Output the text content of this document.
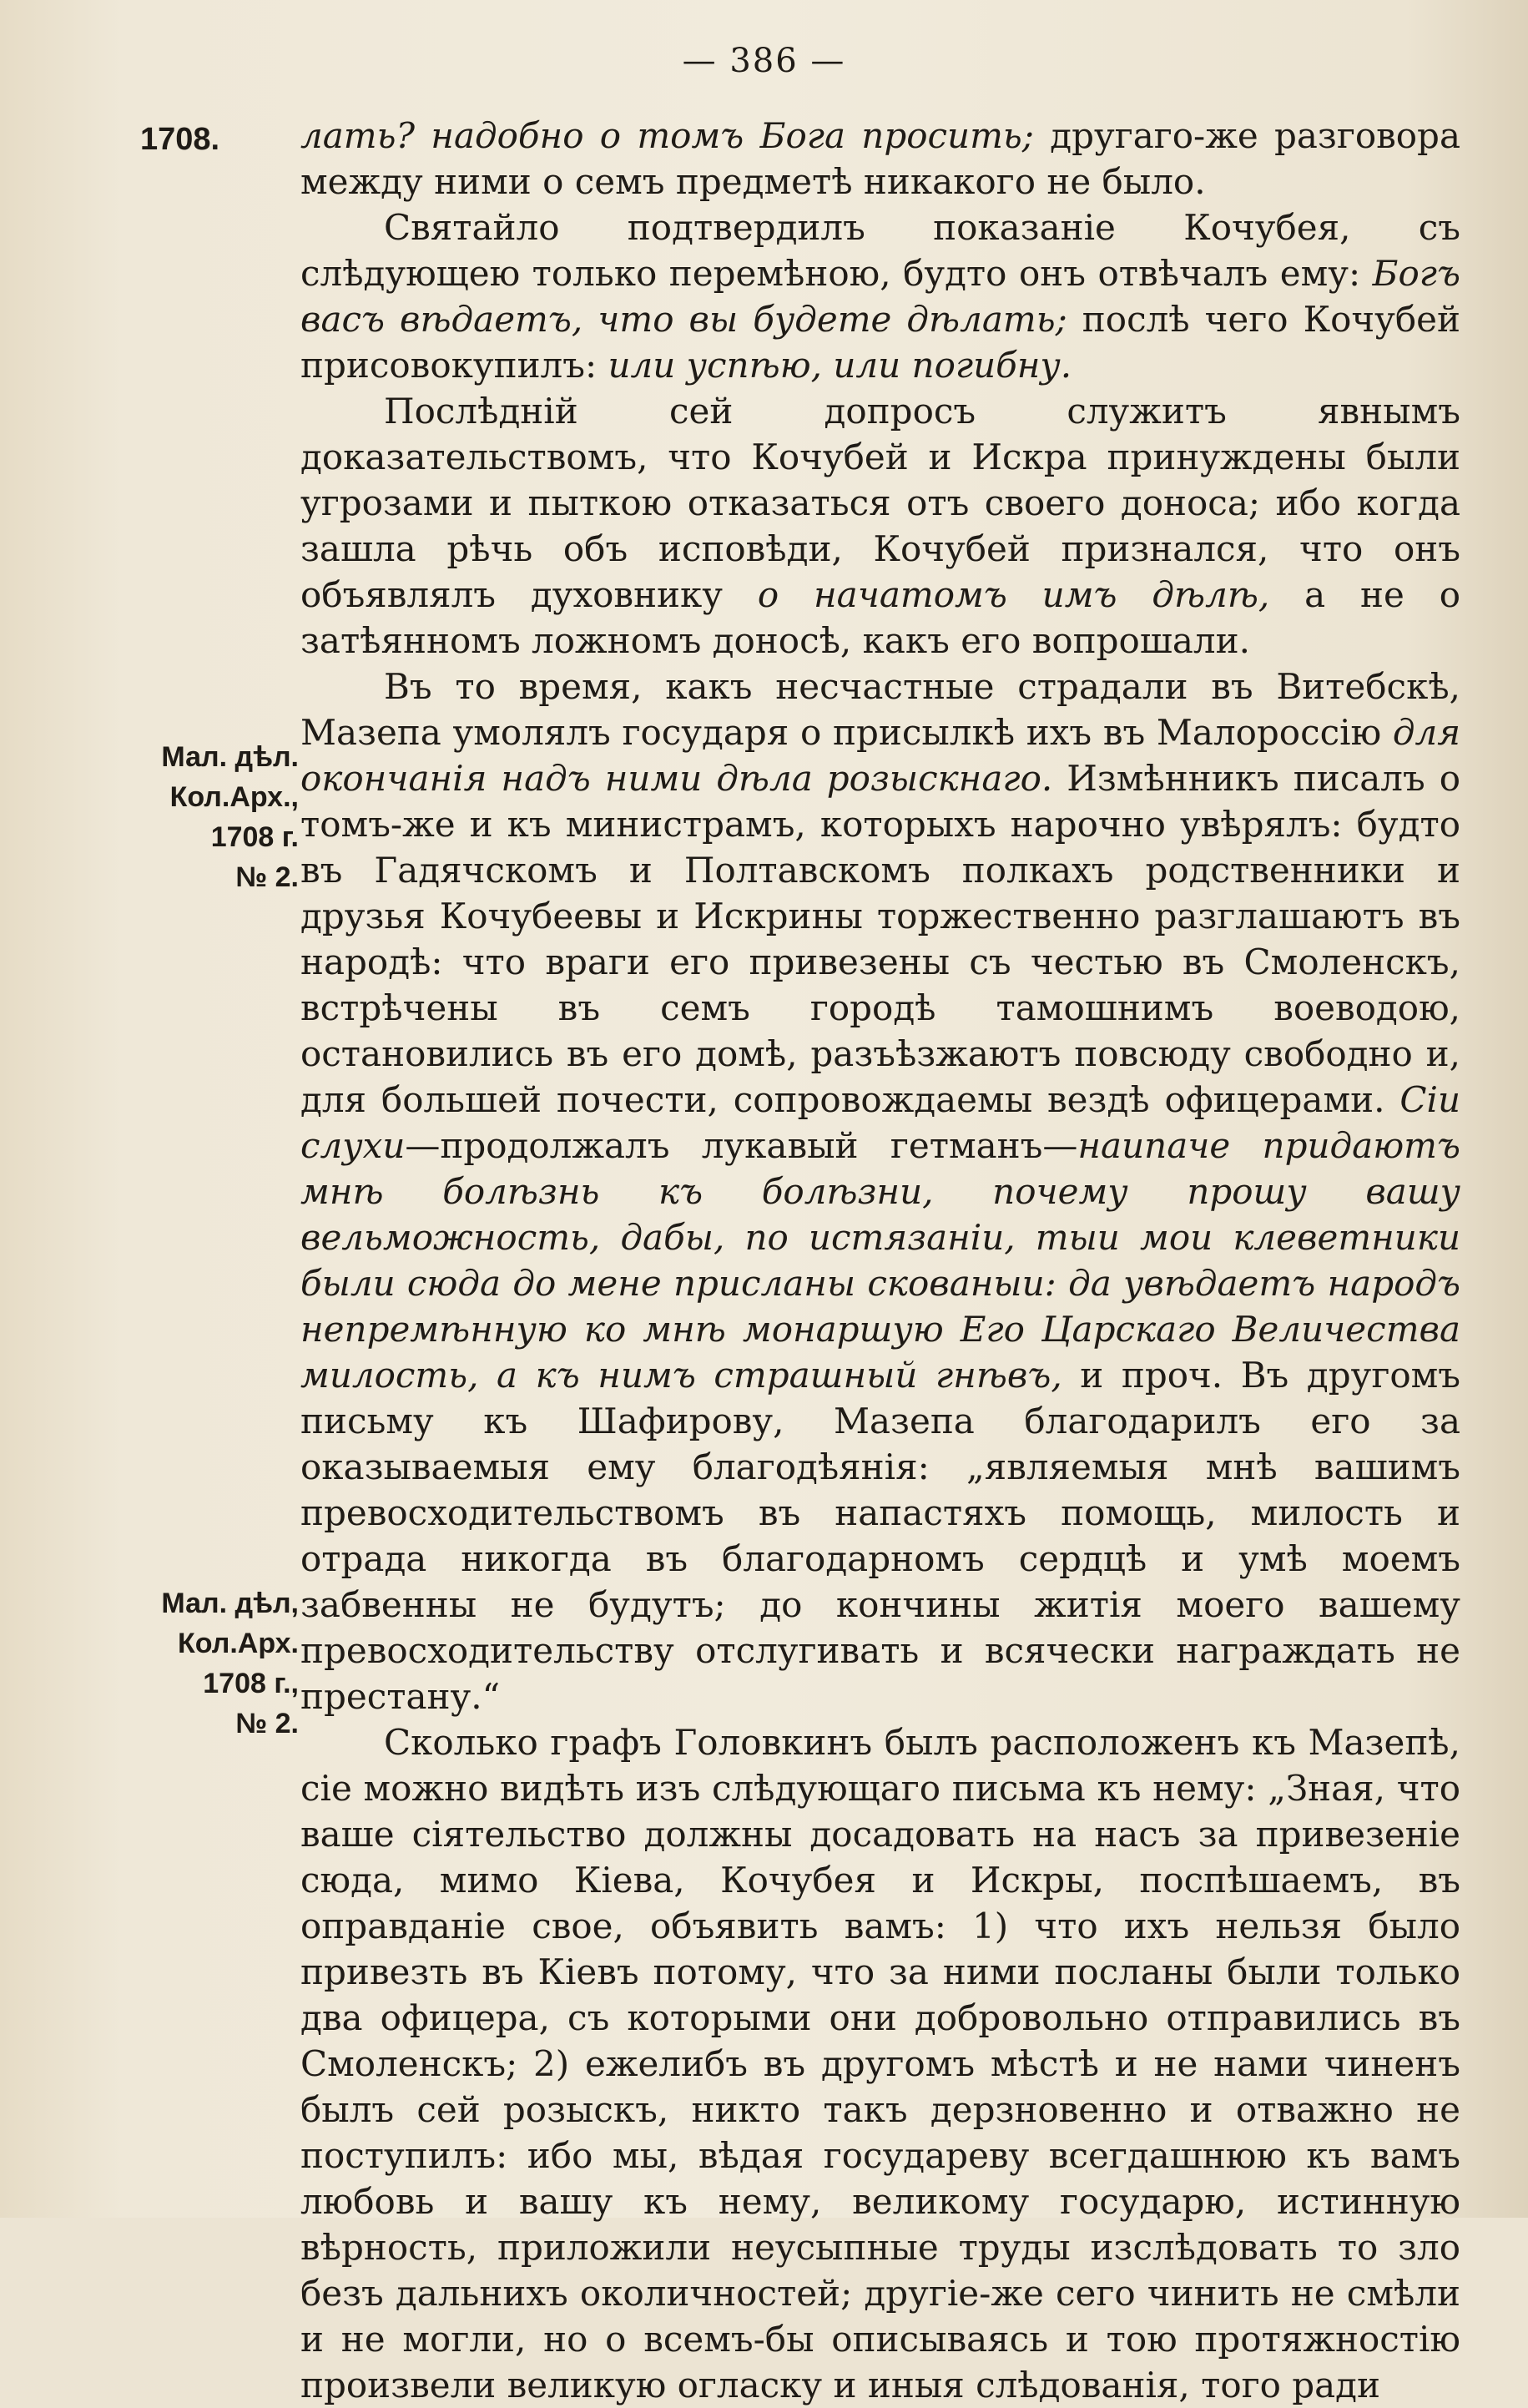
— 386 —
1708.
Мал. дѣл.
Кол.Арх.,
1708 г.
№ 2.
Мал. дѣл,
Кол.Арх.
1708 г.,
№ 2.

лать? надобно о томъ Бога просить; другаго-же разговора между ними о семъ предметѣ никакого не было.

Святайло подтвердилъ показаніе Кочубея, съ слѣдующею только перемѣною, будто онъ отвѣчалъ ему: Богъ васъ вѣдаетъ, что вы будете дѣлать; послѣ чего Кочубей присовокупилъ: или успѣю, или погибну.

Послѣдній сей допросъ служитъ явнымъ доказательствомъ, что Кочубей и Искра принуждены были угрозами и пыткою отказаться отъ своего доноса; ибо когда зашла рѣчь объ исповѣди, Кочубей признался, что онъ объявлялъ духовнику о начатомъ имъ дѣлѣ, а не о затѣянномъ ложномъ доносѣ, какъ его вопрошали.

Въ то время, какъ несчастные страдали въ Витебскѣ, Мазепа умолялъ государя о присылкѣ ихъ въ Малороссію для окончанія надъ ними дѣла розыскнаго. Измѣнникъ писалъ о томъ-же и къ министрамъ, которыхъ нарочно увѣрялъ: будто въ Гадячскомъ и Полтавскомъ полкахъ родственники и друзья Кочубеевы и Искрины торжественно разглашаютъ въ народѣ: что враги его привезены съ честью въ Смоленскъ, встрѣчены въ семъ городѣ тамошнимъ воеводою, остановились въ его домѣ, разъѣзжаютъ повсюду свободно и, для большей почести, сопровождаемы вездѣ офицерами. Сіи слухи—продолжалъ лукавый гетманъ—наипаче придаютъ мнѣ болѣзнь къ болѣзни, почему прошу вашу вельможность, дабы, по истязаніи, тыи мои клеветники были сюда до мене присланы скованыи: да увѣдаетъ народъ непремѣнную ко мнѣ монаршую Его Царскаго Величества милость, а къ нимъ страшный гнѣвъ, и проч. Въ другомъ письму къ Шафирову, Мазепа благодарилъ его за оказываемыя ему благодѣянія: „являемыя мнѣ вашимъ превосходительствомъ въ напастяхъ помощь, милость и отрада никогда въ благодарномъ сердцѣ и умѣ моемъ забвенны не будутъ; до кончины житія моего вашему превосходительству отслугивать и всячески награждать не престану.“

Сколько графъ Головкинъ былъ расположенъ къ Мазепѣ, сіе можно видѣть изъ слѣдующаго письма къ нему: „Зная, что ваше сіятельство должны досадовать на насъ за привезеніе сюда, мимо Кіева, Кочубея и Искры, поспѣшаемъ, въ оправданіе свое, объявить вамъ: 1) что ихъ нельзя было привезть въ Кіевъ потому, что за ними посланы были только два офицера, съ которыми они добровольно отправились въ Смоленскъ; 2) ежелибъ въ другомъ мѣстѣ и не нами чиненъ былъ сей розыскъ, никто такъ дерзновенно и отважно не поступилъ: ибо мы, вѣдая государеву всегдашнюю къ вамъ любовь и вашу къ нему, великому государю, истинную вѣрность, приложили неусыпные труды изслѣдовать то зло безъ дальнихъ околичностей; другіе-же сего чинить не смѣли и не могли, но о всемъ-бы описываясь и тою протяжностію произвели великую огласку и иныя слѣдованія, того ради
